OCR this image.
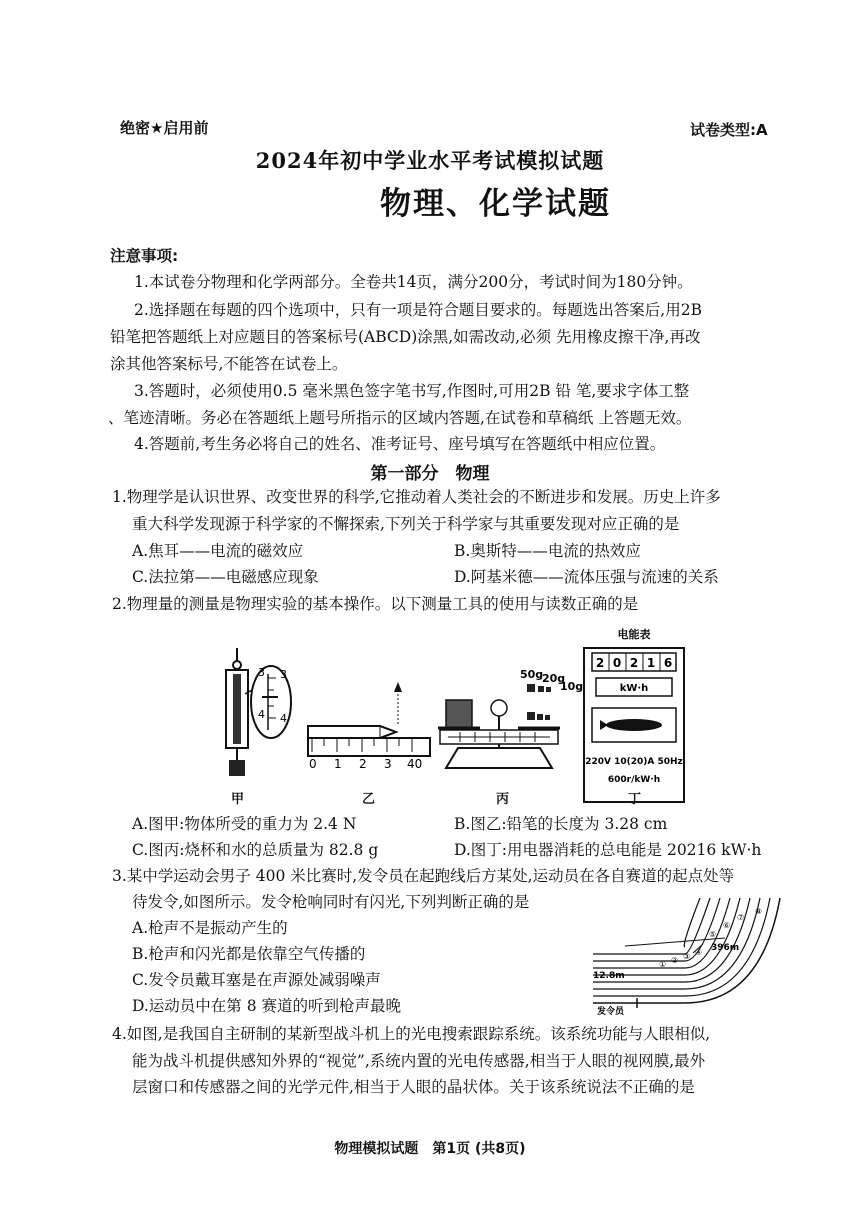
绝密★启用前	试卷类型:A
2024年初中学业水平考试模拟试题
物理、化学试题
注意事项:
1.本试卷分物理和化学两部分。全卷共14页，满分200分，考试时间为180分钟。
2.选择题在每题的四个选项中，只有一项是符合题目要求的。每题选出答案后,用2B
铅笔把答题纸上对应题目的答案标号(ABCD)涂黑,如需改动,必须 先用橡皮擦干净,再改
涂其他答案标号,不能答在试卷上。
3.答题时，必须使用0.5 毫米黑色签字笔书写,作图时,可用2B 铅 笔,要求字体工整
、笔迹清晰。务必在答题纸上题号所指示的区域内答题,在试卷和草稿纸 上答题无效。
4.答题前,考生务必将自己的姓名、准考证号、座号填写在答题纸中相应位置。
第一部分　物理
1.物理学是认识世界、改变世界的科学,它推动着人类社会的不断进步和发展。历史上许多
重大科学发现源于科学家的不懈探索,下列关于科学家与其重要发现对应正确的是
A.焦耳——电流的磁效应	B.奥斯特——电流的热效应
C.法拉第——电磁感应现象	D.阿基米德——流体压强与流速的关系
2.物理量的测量是物理实验的基本操作。以下测量工具的使用与读数正确的是
3 3
4 4
0 1 2 3 40
50g
20g
10g
电能表
2 0 2 1 6
kW·h
220V 10(20)A 50Hz
600r/kW·h
甲	乙	丙	丁
A.图甲:物体所受的重力为 2.4 N	B.图乙:铅笔的长度为 3.28 cm
C.图丙:烧杯和水的总质量为 82.8 g	D.图丁:用电器消耗的总电能是 20216 kW·h
3.某中学运动会男子 400 米比赛时,发令员在起跑线后方某处,运动员在各自赛道的起点处等
待发令,如图所示。发令枪响同时有闪光,下列判断正确的是
A.枪声不是振动产生的
B.枪声和闪光都是依靠空气传播的
C.发令员戴耳塞是在声源处减弱噪声
D.运动员中在第 8 赛道的听到枪声最晚
396m
12.8m
发令员
① ② ③ ④
⑤
⑥
⑦
⑧
4.如图,是我国自主研制的某新型战斗机上的光电搜索跟踪系统。该系统功能与人眼相似,
能为战斗机提供感知外界的“视觉”,系统内置的光电传感器,相当于人眼的视网膜,最外
层窗口和传感器之间的光学元件,相当于人眼的晶状体。关于该系统说法不正确的是
物理模拟试题　第1页 (共8页)
